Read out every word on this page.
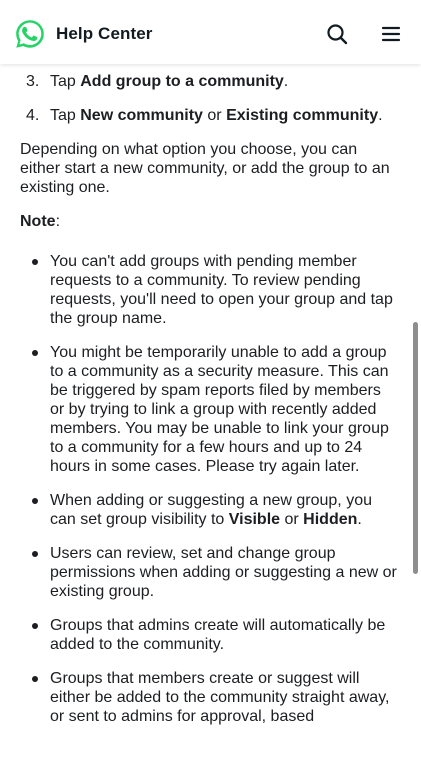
Help Center
3. Tap Add group to a community.
4. Tap New community or Existing community.
Depending on what option you choose, you can either start a new community, or add the group to an existing one.
Note:
You can't add groups with pending member requests to a community. To review pending requests, you'll need to open your group and tap the group name.
You might be temporarily unable to add a group to a community as a security measure. This can be triggered by spam reports filed by members or by trying to link a group with recently added members. You may be unable to link your group to a community for a few hours and up to 24 hours in some cases. Please try again later.
When adding or suggesting a new group, you can set group visibility to Visible or Hidden.
Users can review, set and change group permissions when adding or suggesting a new or existing group.
Groups that admins create will automatically be added to the community.
Groups that members create or suggest will either be added to the community straight away, or sent to admins for approval, based
